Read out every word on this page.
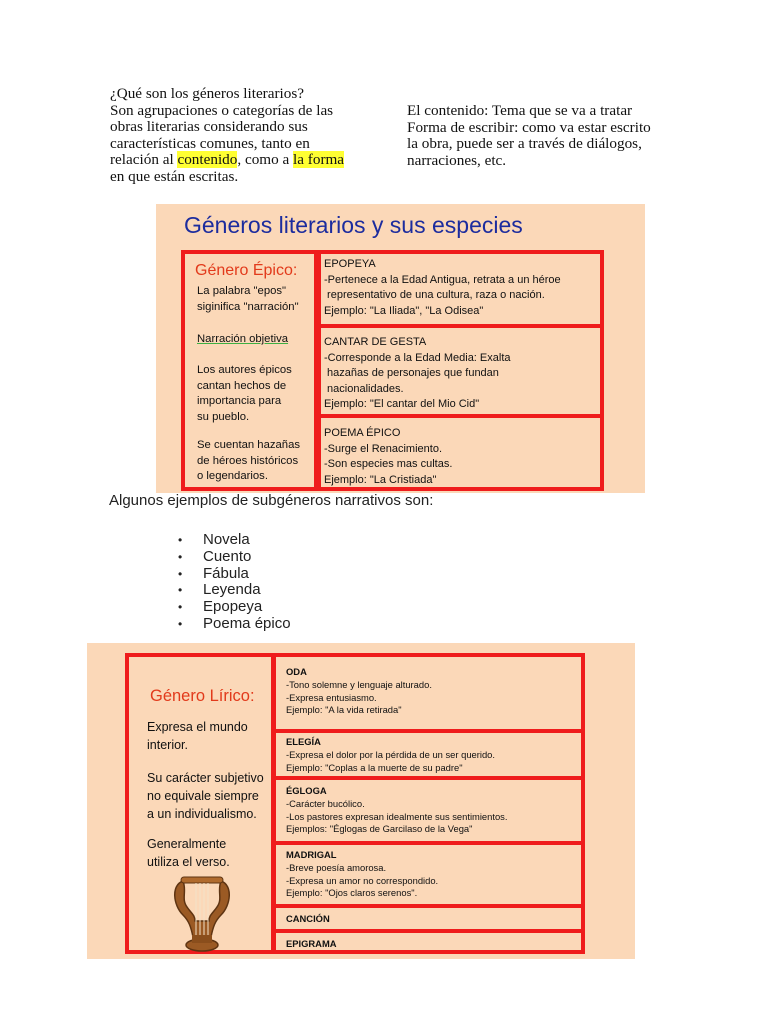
¿Qué son los géneros literarios?
Son agrupaciones o categorías de las
obras literarias considerando sus
características comunes, tanto en
relación al contenido, como a la forma
en que están escritas.
El contenido: Tema que se va a tratar
Forma de escribir: como va estar escrito
la obra, puede ser a través de diálogos,
narraciones, etc.
Géneros literarios y sus especies
Género Épico:
La palabra "epos"
siginifica "narración"
Narración objetiva
Los autores épicos
cantan hechos de
importancia para
su pueblo.
Se cuentan hazañas
de héroes históricos
o legendarios.
EPOPEYA
-Pertenece a la Edad Antigua, retrata a un héroe
representativo de una cultura, raza o nación.
Ejemplo: "La Iliada", "La Odisea"
CANTAR DE GESTA
-Corresponde a la Edad Media: Exalta
hazañas de personajes que fundan
nacionalidades.
Ejemplo: "El cantar del Mio Cid"
POEMA ÉPICO
-Surge el Renacimiento.
-Son especies mas cultas.
Ejemplo: "La Cristiada"
Algunos ejemplos de subgéneros narrativos son:
• Novela
• Cuento
• Fábula
• Leyenda
• Epopeya
• Poema épico
Género Lírico:
Expresa el mundo
interior.
Su carácter subjetivo
no equivale siempre
a un individualismo.
Generalmente
utiliza el verso.
ODA
-Tono solemne y lenguaje alturado.
-Expresa entusiasmo.
Ejemplo: "A la vida retirada"
ELEGÍA
-Expresa el dolor por la pérdida de un ser querido.
Ejemplo: "Coplas a la muerte de su padre"
ÉGLOGA
-Carácter bucólico.
-Los pastores expresan idealmente sus sentimientos.
Ejemplos: "Églogas de Garcilaso de la Vega"
MADRIGAL
-Breve poesía amorosa.
-Expresa un amor no correspondido.
Ejemplo: "Ojos claros serenos".
CANCIÓN
EPIGRAMA
